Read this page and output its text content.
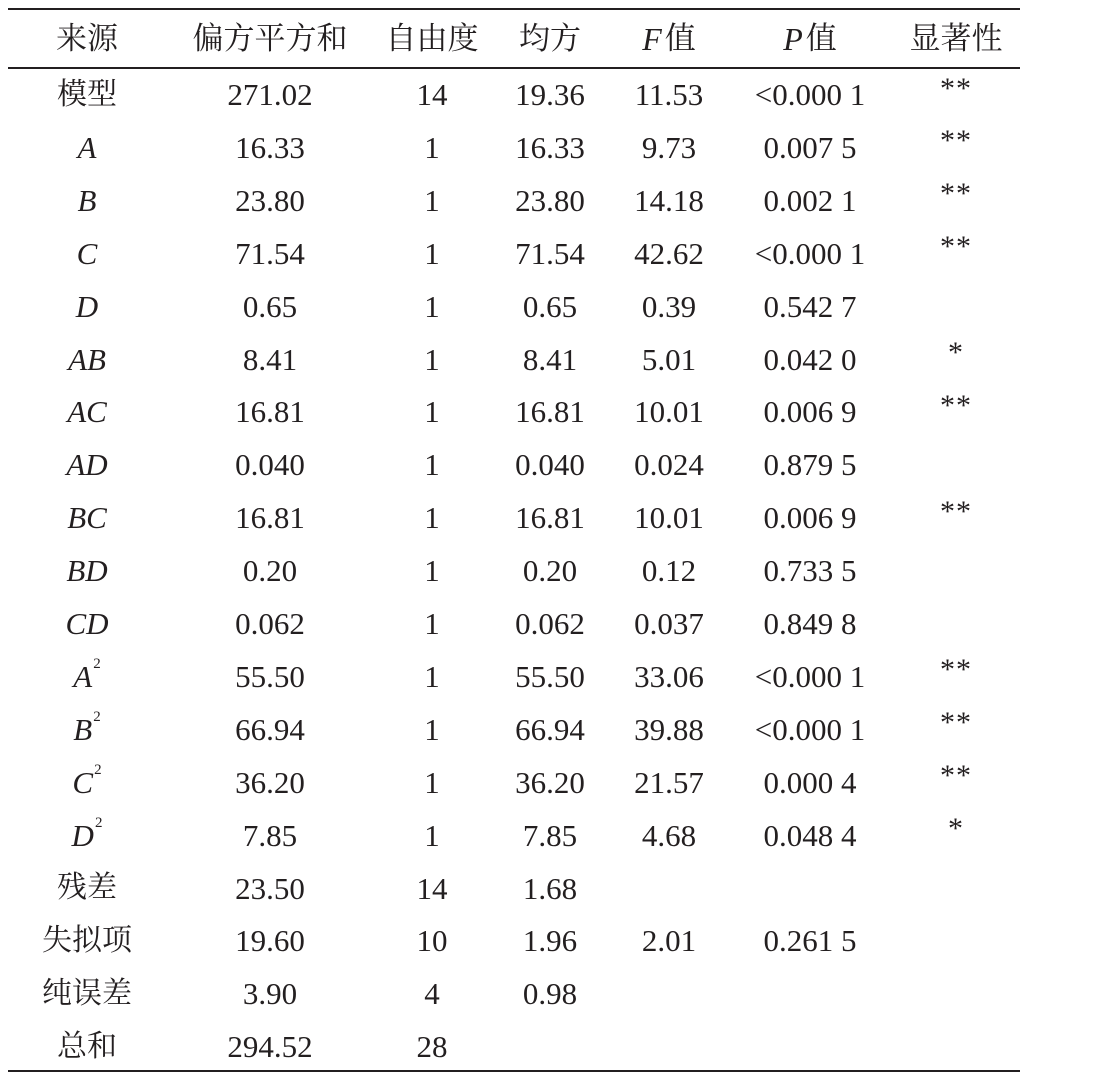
来源	偏方平方和	自由度	均方	F 值	P 值	显著性
模型	271.02	14	19.36	11.53	<0.000 1	**
A	16.33	1	16.33	9.73	0.007 5	**
B	23.80	1	23.80	14.18	0.002 1	**
C	71.54	1	71.54	42.62	<0.000 1	**
D	0.65	1	0.65	0.39	0.542 7
AB	8.41	1	8.41	5.01	0.042 0	*
AC	16.81	1	16.81	10.01	0.006 9	**
AD	0.040	1	0.040	0.024	0.879 5
BC	16.81	1	16.81	10.01	0.006 9	**
BD	0.20	1	0.20	0.12	0.733 5
CD	0.062	1	0.062	0.037	0.849 8
A 2	55.50	1	55.50	33.06	<0.000 1	**
B 2	66.94	1	66.94	39.88	<0.000 1	**
C 2	36.20	1	36.20	21.57	0.000 4	**
D 2	7.85	1	7.85	4.68	0.048 4	*
残差	23.50	14	1.68
失拟项	19.60	10	1.96	2.01	0.261 5
纯误差	3.90	4	0.98
总和	294.52	28
